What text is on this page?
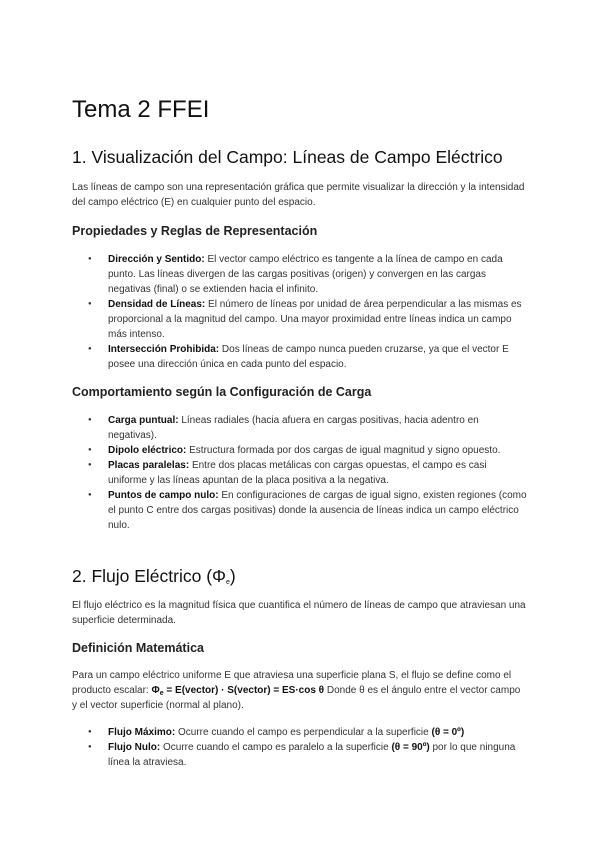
Tema 2 FFEI
1. Visualización del Campo: Líneas de Campo Eléctrico

Las líneas de campo son una representación gráfica que permite visualizar la dirección y la intensidad del campo eléctrico (E) en cualquier punto del espacio.

Propiedades y Reglas de Representación
● Dirección y Sentido: El vector campo eléctrico es tangente a la línea de campo en cada punto. Las líneas divergen de las cargas positivas (origen) y convergen en las cargas negativas (final) o se extienden hacia el infinito.
● Densidad de Líneas: El número de líneas por unidad de área perpendicular a las mismas es proporcional a la magnitud del campo. Una mayor proximidad entre líneas indica un campo más intenso.
● Intersección Prohibida: Dos líneas de campo nunca pueden cruzarse, ya que el vector E posee una dirección única en cada punto del espacio.
Comportamiento según la Configuración de Carga
● Carga puntual: Líneas radiales (hacia afuera en cargas positivas, hacia adentro en negativas).
● Dipolo eléctrico: Estructura formada por dos cargas de igual magnitud y signo opuesto.
● Placas paralelas: Entre dos placas metálicas con cargas opuestas, el campo es casi uniforme y las líneas apuntan de la placa positiva a la negativa.
● Puntos de campo nulo: En configuraciones de cargas de igual signo, existen regiones (como el punto C entre dos cargas positivas) donde la ausencia de líneas indica un campo eléctrico nulo.
2. Flujo Eléctrico $(\Phi_e)$

El flujo eléctrico es la magnitud física que cuantifica el número de líneas de campo que atraviesan una superficie determinada.

Definición Matemática

Para un campo eléctrico uniforme E que atraviesa una superficie plana S, el flujo se define como el producto escalar: $\Phi_e$ = E(vector) · S(vector) = ES·cos θ Donde θ es el ángulo entre el vector campo y el vector superficie (normal al plano).

● Flujo Máximo: Ocurre cuando el campo es perpendicular a la superficie (θ = 0º)
● Flujo Nulo: Ocurre cuando el campo es paralelo a la superficie (θ = 90º) por lo que ninguna línea la atraviesa.
